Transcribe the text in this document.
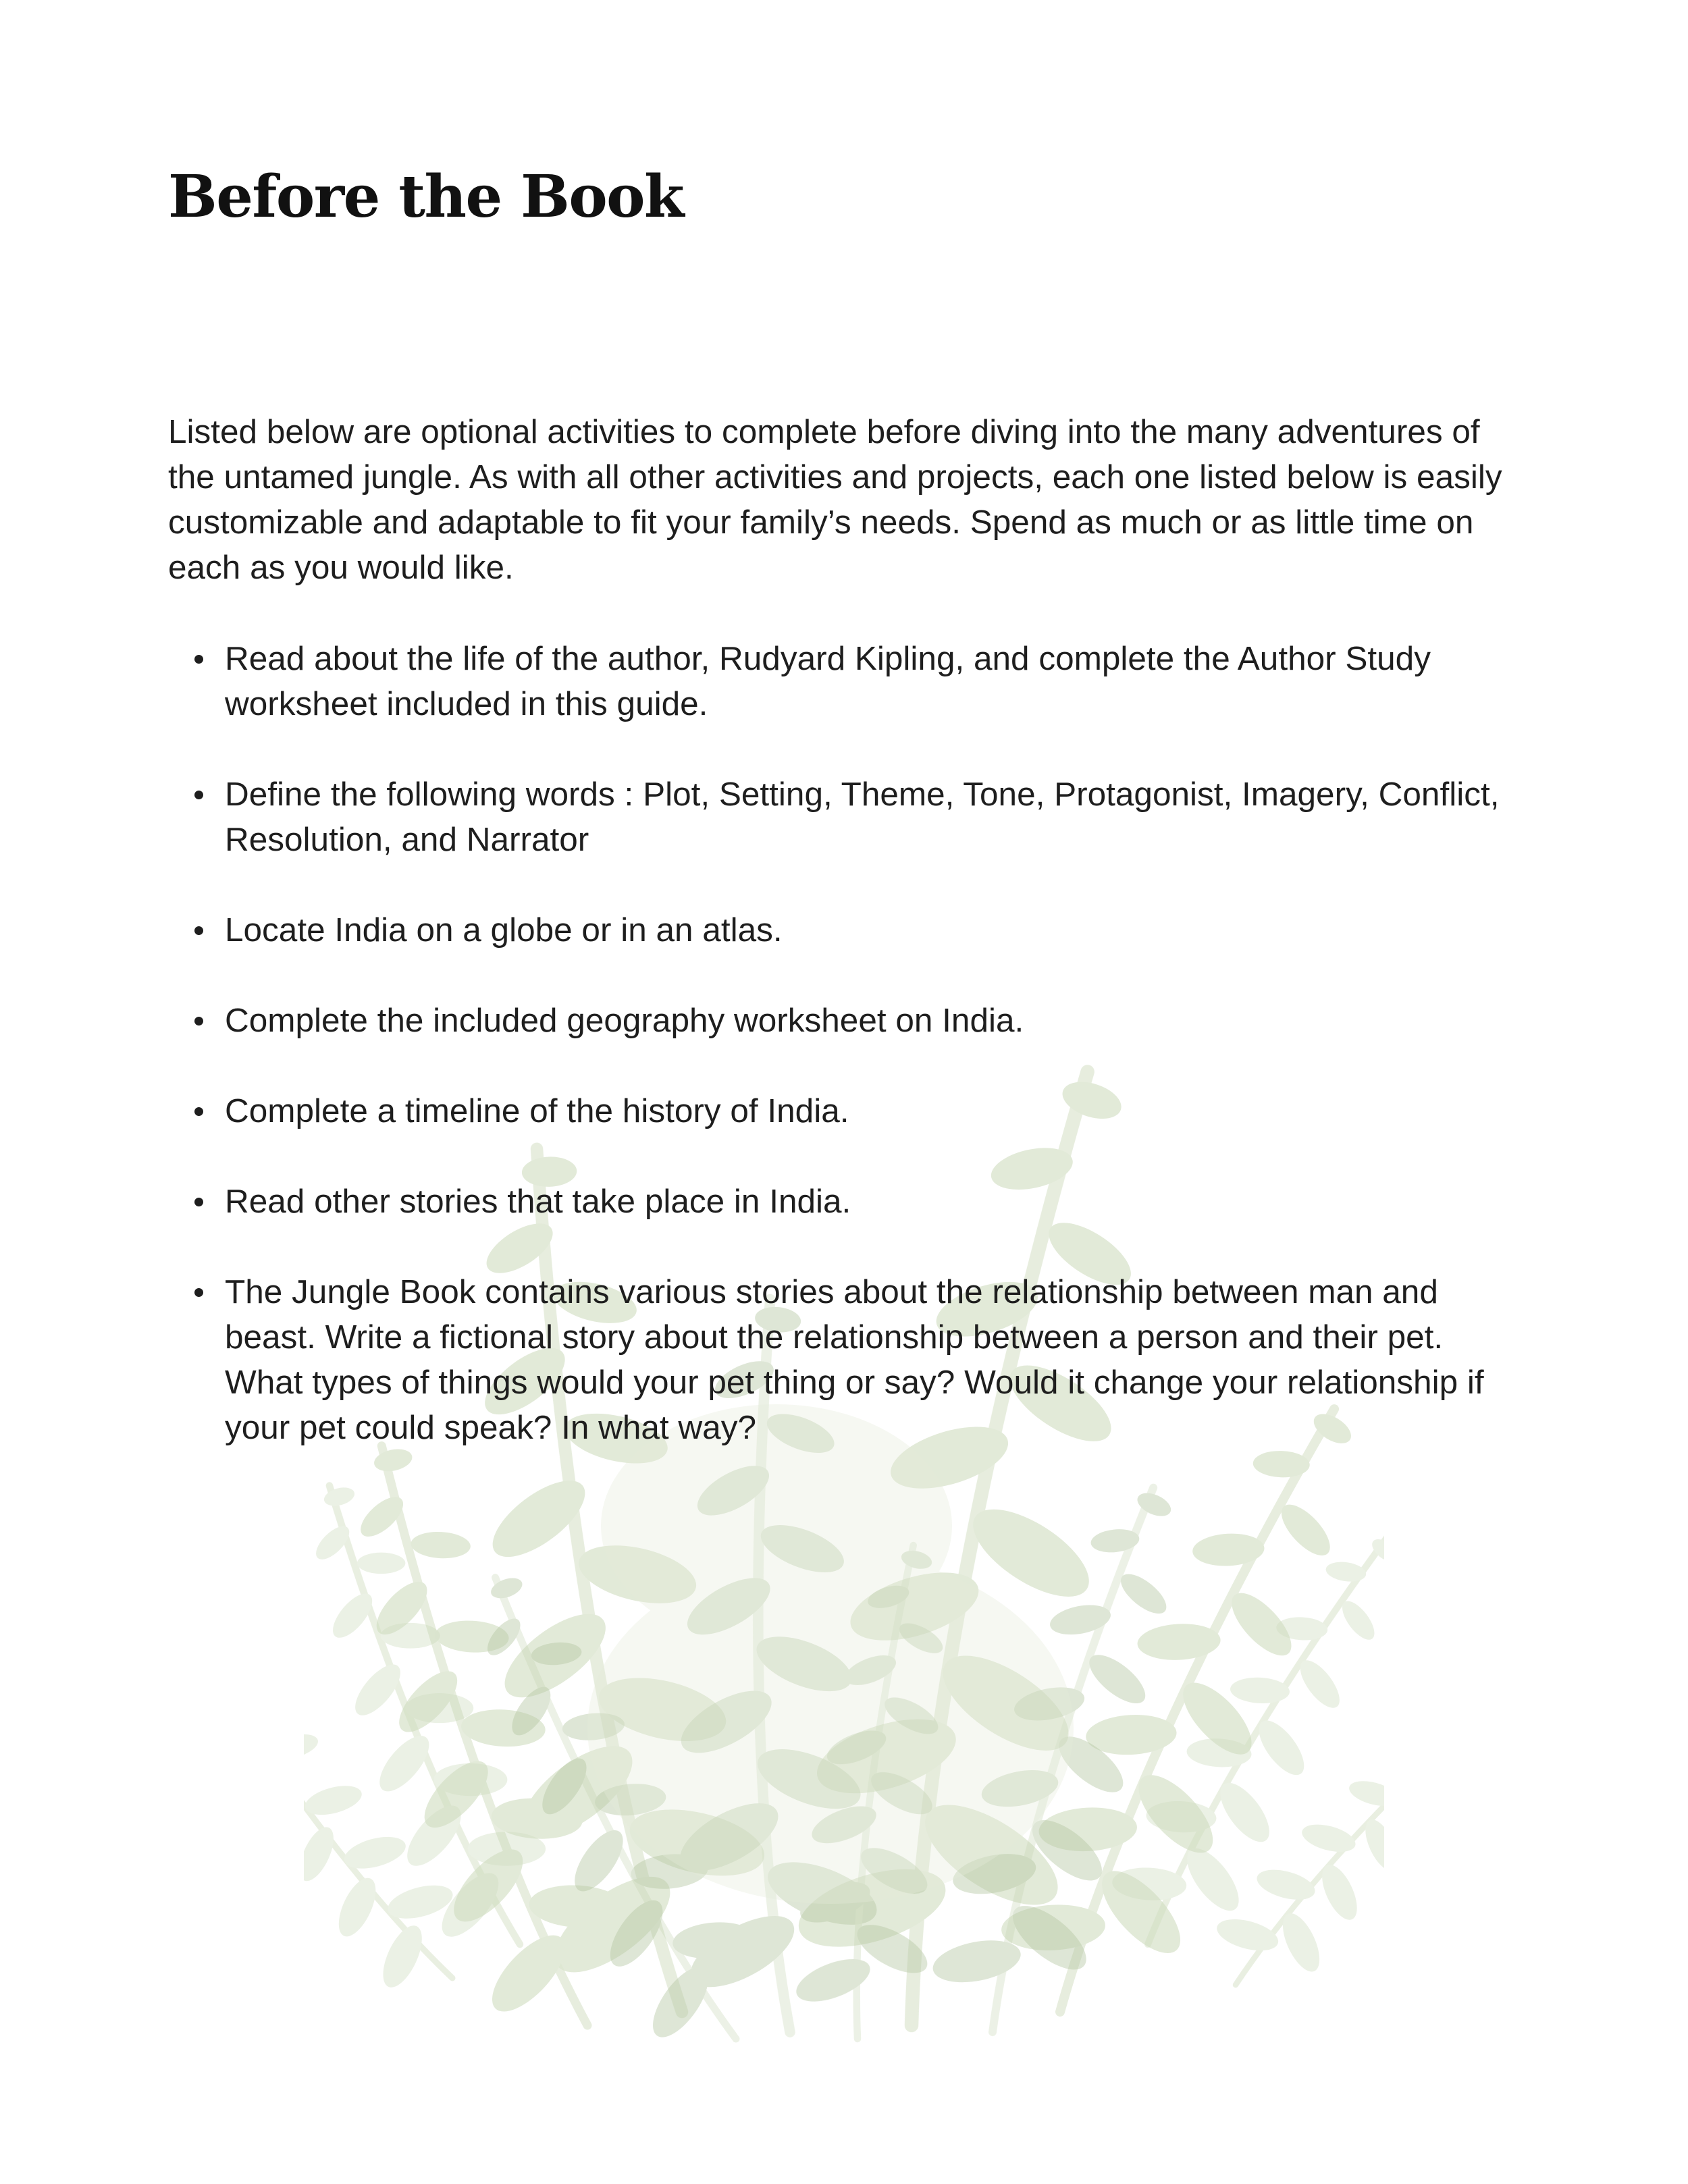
Before the Book

Listed below are optional activities to complete before diving into the many adventures of the untamed jungle. As with all other activities and projects, each one listed below is easily customizable and adaptable to fit your family’s needs. Spend as much or as little time on each as you would like.

Read about the life of the author, Rudyard Kipling, and complete the Author Study worksheet included in this guide.
Define the following words : Plot, Setting, Theme, Tone, Protagonist, Imagery, Conflict, Resolution, and Narrator
Locate India on a globe or in an atlas.
Complete the included geography worksheet on India.
Complete a timeline of the history of India.
Read other stories that take place in India.
The Jungle Book contains various stories about the relationship between man and beast. Write a fictional story about the relationship between a person and their pet. What types of things would your pet thing or say? Would it change your relationship if your pet could speak? In what way?
